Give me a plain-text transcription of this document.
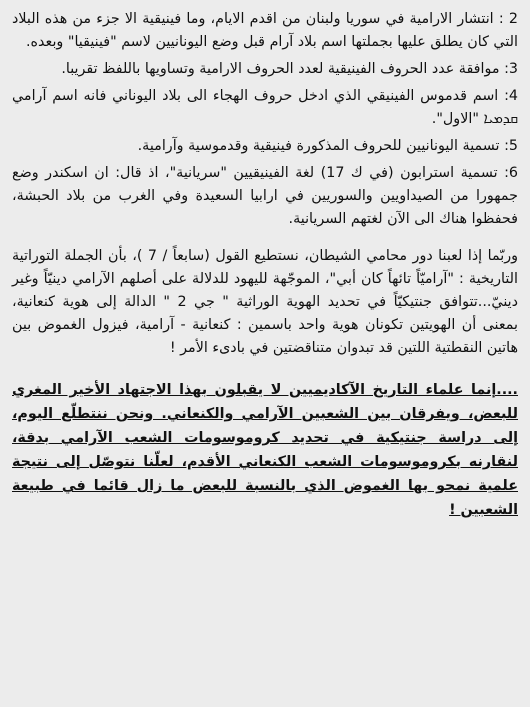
2 : انتشار الارامية في سوريا ولبنان من اقدم الايام، وما فينيقية الا جزء من هذه البلاد التي كان يطلق عليها بجملتها اسم بلاد آرام قبل وضع اليونانيين لاسم "فينيقيا" وبعده.

3: موافقة عدد الحروف الفينيقية لعدد الحروف الارامية وتساويها باللفظ تقريبا.

4: اسم قدموس الفينيقي الذي ادخل حروف الهجاء الى بلاد اليوناني فانه اسم آرامي ܩܕܡܝܐ "الاول".

5: تسمية اليونانيين للحروف المذكورة فينيقية وقدموسية وآرامية.

6: تسمية استرابون (في ك 17) لغة الفينيقيين "سريانية"، اذ قال: ان اسكندر وضع جمهورا من الصيداويين والسوريين في ارابيا السعيدة وفي الغرب من بلاد الحبشة، فحفظوا هناك الى الآن لغتهم السريانية.

وربّما إذا لعبنا دور محامي الشيطان، نستطيع القول (سابعاً / 7 )، بأن الجملة التوراتية التاريخية : "آراميّاً تائهاً كان أبي"، الموجّهة لليهود للدلالة على أصلهم الآرامي دينيّاً وغير دينيّ...تتوافق جنتيكيّاً في تحديد الهوية الوراثية " جي 2 " الدالة إلى هوية كنعانية، بمعنى أن الهويتين تكونان هوية واحد باسمين : كنعانية - آرامية، فيزول الغموض بين هاتين النقطتية اللتين قد تبدوان متناقضتين في بادىء الأمر !

....إنما علماء التاريخ الآكاديميين لا يقبلون بهذا الاجتهاد الأخير المغري للبعض، ويفرقان بين الشعبين الآرامي والكنعاني. ونحن ننتطلّع اليوم، إلى دراسة جنتيكية في تحديد كروموسومات الشعب الآرامي بدقة، لنقارنه بكروموسومات الشعب الكنعاني الأقدم، لعلّنا نتوصّل إلى نتيجة علمية نمحو بها الغموض الذي بالنسبة للبعض ما زال قائما في طبيعة الشعبين !
